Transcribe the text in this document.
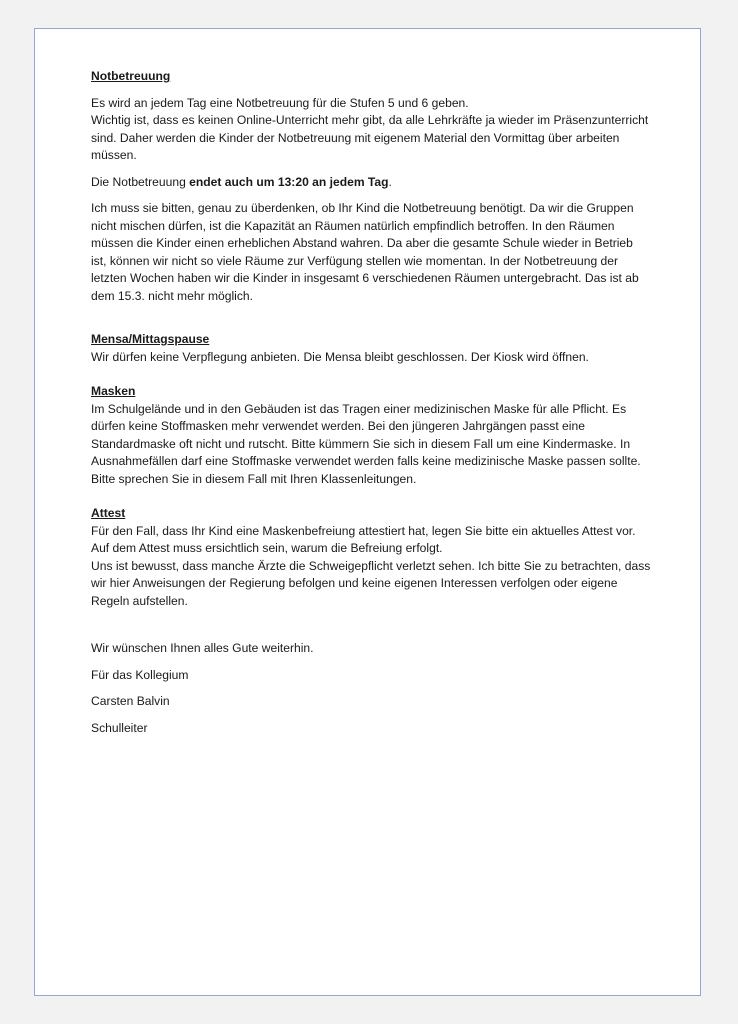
Notbetreuung

Es wird an jedem Tag eine Notbetreuung für die Stufen 5 und 6 geben.
Wichtig ist, dass es keinen Online-Unterricht mehr gibt, da alle Lehrkräfte ja wieder im Präsenzunterricht sind. Daher werden die Kinder der Notbetreuung mit eigenem Material den Vormittag über arbeiten müssen.

Die Notbetreuung endet auch um 13:20 an jedem Tag.

Ich muss sie bitten, genau zu überdenken, ob Ihr Kind die Notbetreuung benötigt. Da wir die Gruppen nicht mischen dürfen, ist die Kapazität an Räumen natürlich empfindlich betroffen. In den Räumen müssen die Kinder einen erheblichen Abstand wahren. Da aber die gesamte Schule wieder in Betrieb ist, können wir nicht so viele Räume zur Verfügung stellen wie momentan. In der Notbetreuung der letzten Wochen haben wir die Kinder in insgesamt 6 verschiedenen Räumen untergebracht. Das ist ab dem 15.3. nicht mehr möglich.

Mensa/Mittagspause

Wir dürfen keine Verpflegung anbieten. Die Mensa bleibt geschlossen. Der Kiosk wird öffnen.

Masken

Im Schulgelände und in den Gebäuden ist das Tragen einer medizinischen Maske für alle Pflicht. Es dürfen keine Stoffmasken mehr verwendet werden. Bei den jüngeren Jahrgängen passt eine Standardmaske oft nicht und rutscht. Bitte kümmern Sie sich in diesem Fall um eine Kindermaske. In Ausnahmefällen darf eine Stoffmaske verwendet werden falls keine medizinische Maske passen sollte. Bitte sprechen Sie in diesem Fall mit Ihren Klassenleitungen.

Attest

Für den Fall, dass Ihr Kind eine Maskenbefreiung attestiert hat, legen Sie bitte ein aktuelles Attest vor. Auf dem Attest muss ersichtlich sein, warum die Befreiung erfolgt.

Uns ist bewusst, dass manche Ärzte die Schweigepflicht verletzt sehen. Ich bitte Sie zu betrachten, dass wir hier Anweisungen der Regierung befolgen und keine eigenen Interessen verfolgen oder eigene Regeln aufstellen.

Wir wünschen Ihnen alles Gute weiterhin.

Für das Kollegium

Carsten Balvin

Schulleiter
